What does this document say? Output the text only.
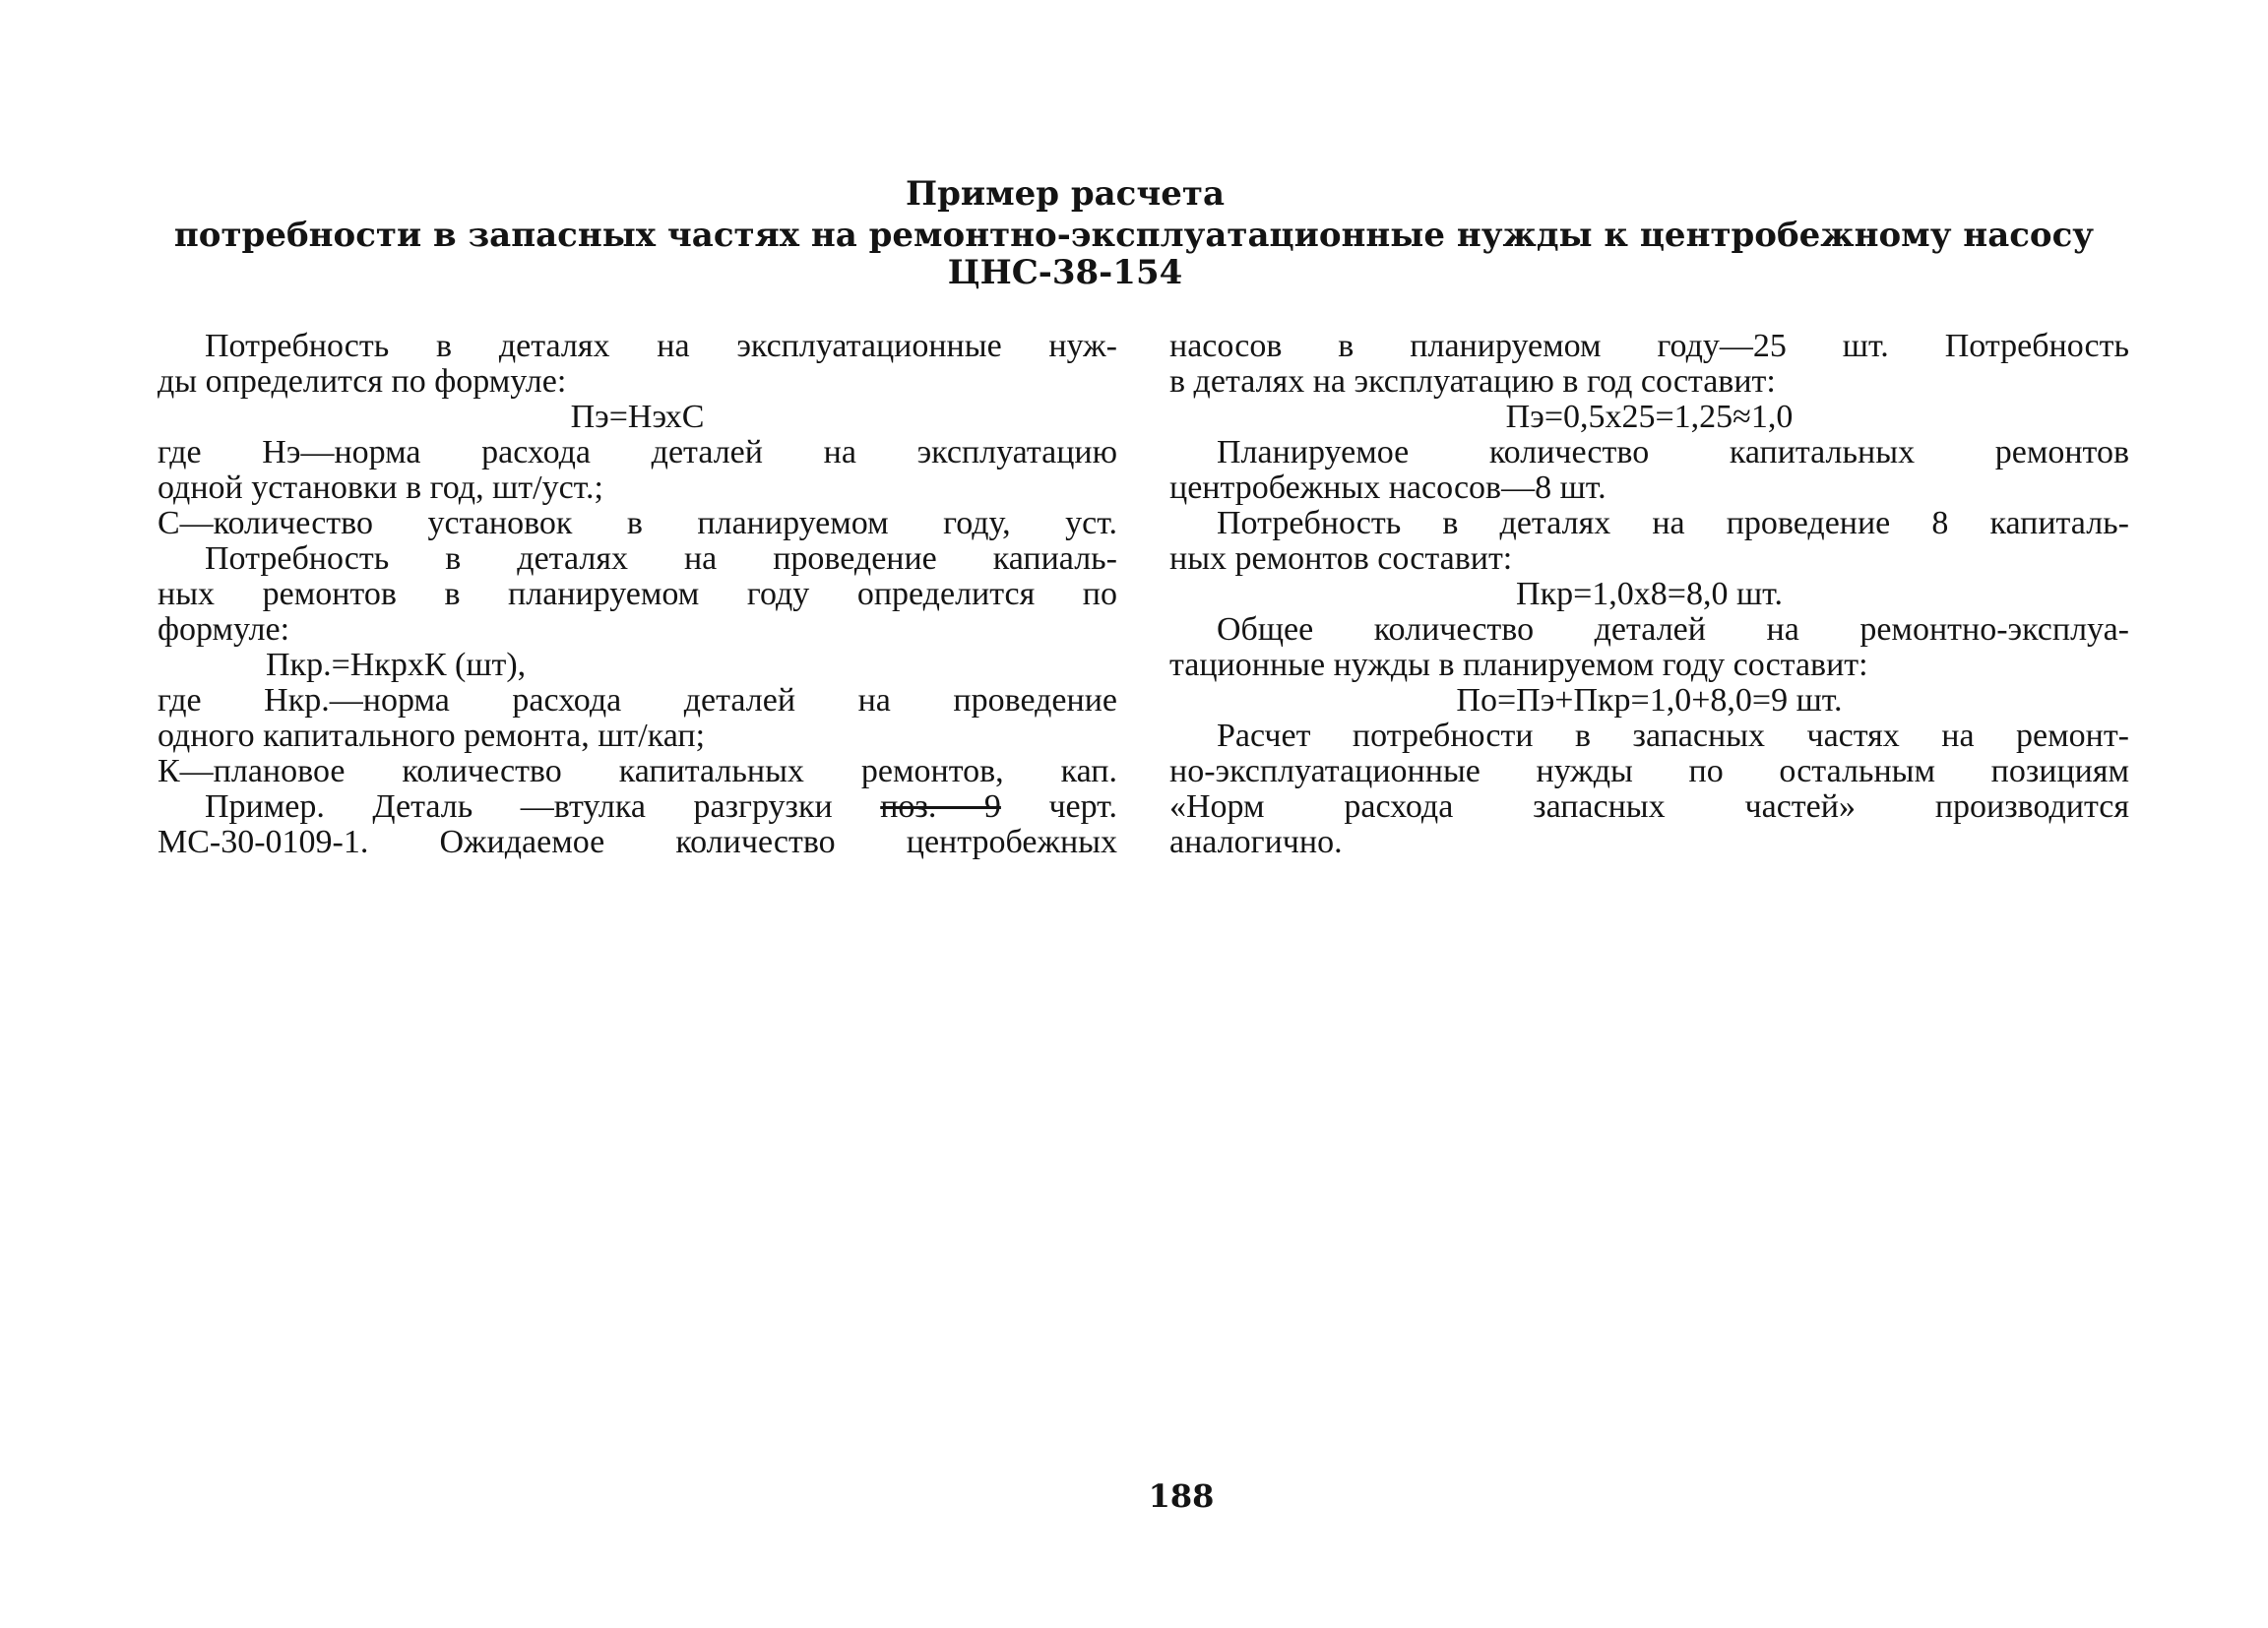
Пример расчета
потребности в запасных частях на ремонтно-эксплуатационные нужды к центробежному насосу
ЦНС-38-154
Потребность в деталях на эксплуатационные нуж-
ды определится по формуле:
Пэ=НэхС
где Нэ—норма расхода деталей на эксплуатацию
одной установки в год, шт/уст.;
С—количество установок в планируемом году, уст.
Потребность в деталях на проведение капиаль-
ных ремонтов в планируемом году определится по
формуле:
Пкр.=НкрхК (шт),
где Нкр.—норма расхода деталей на проведение
одного капитального ремонта, шт/кап;
К—плановое количество капитальных ремонтов, кап.
Пример. Деталь —втулка разгрузки поз. 9 черт.
МС-30-0109-1. Ожидаемое количество центробежных
насосов в планируемом году—25 шт. Потребность
в деталях на эксплуатацию в год составит:
Пэ=0,5х25=1,25≈1,0
Планируемое количество капитальных ремонтов
центробежных насосов—8 шт.
Потребность в деталях на проведение 8 капиталь-
ных ремонтов составит:
Пкр=1,0х8=8,0 шт.
Общее количество деталей на ремонтно-эксплуа-
тационные нужды в планируемом году составит:
По=Пэ+Пкр=1,0+8,0=9 шт.
Расчет потребности в запасных частях на ремонт-
но-эксплуатационные нужды по остальным позициям
«Норм расхода запасных частей» производится
аналогично.
188
